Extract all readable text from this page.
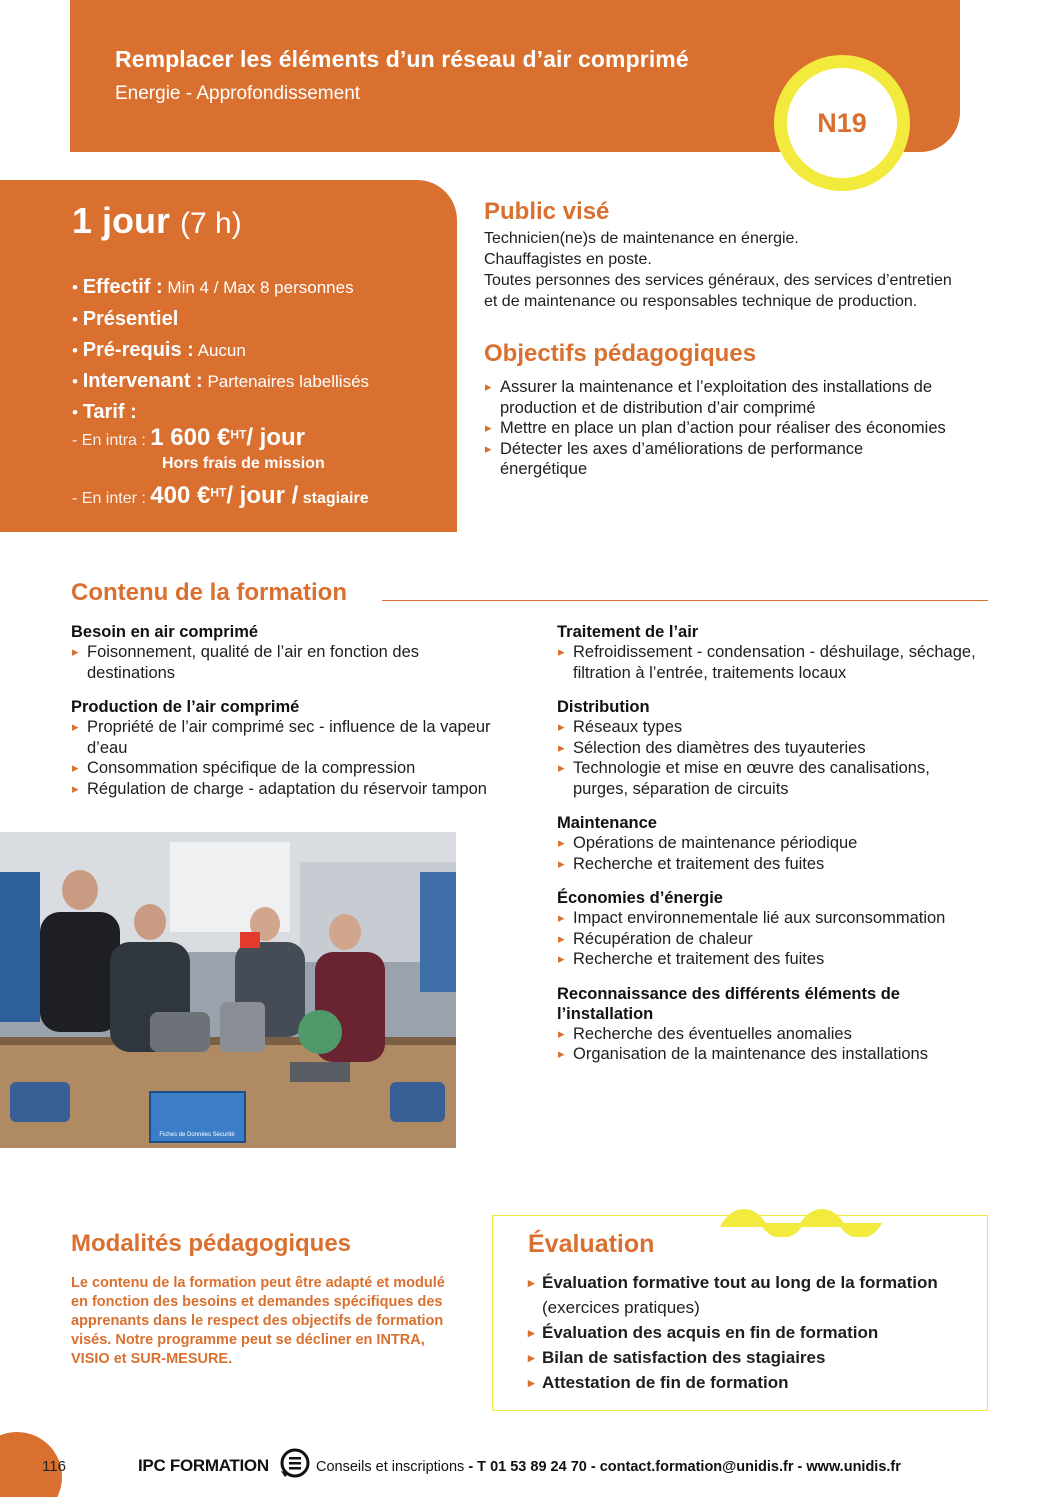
Remplacer les éléments d’un réseau d’air comprimé
Energie - Approfondissement
N19
1 jour (7 h)
• Effectif : Min 4 / Max 8 personnes
• Présentiel
• Pré-requis : Aucun
• Intervenant : Partenaires labellisés
• Tarif :
- En intra : 1 600 €$^{HT}$/ jour
Hors frais de mission
- En inter : 400 €$^{HT}$/ jour / stagiaire
Public visé
Technicien(ne)s de maintenance en énergie.
Chauffagistes en poste.
Toutes personnes des services généraux, des services d’entretien
et de maintenance ou responsables technique de production.
Objectifs pédagogiques
▸ Assurer la maintenance et l’exploitation des installations de production et de distribution d’air comprimé
▸ Mettre en place un plan d’action pour réaliser des économies
▸ Détecter les axes d’améliorations de performance énergétique
Contenu de la formation
Besoin en air comprimé
▸ Foisonnement, qualité de l’air en fonction des destinations
Production de l’air comprimé
▸ Propriété de l’air comprimé sec - influence de la vapeur d’eau
▸ Consommation spécifique de la compression
▸ Régulation de charge - adaptation du réservoir tampon
Traitement de l’air
▸ Refroidissement - condensation - déshuilage, séchage, filtration à l’entrée, traitements locaux
Distribution
▸ Réseaux types
▸ Sélection des diamètres des tuyauteries
▸ Technologie et mise en œuvre des canalisations, purges, séparation de circuits
Maintenance
▸ Opérations de maintenance périodique
▸ Recherche et traitement des fuites
Économies d’énergie
▸ Impact environnementale lié aux surconsommation
▸ Récupération de chaleur
▸ Recherche et traitement des fuites
Reconnaissance des différents éléments de l’installation
▸ Recherche des éventuelles anomalies
▸ Organisation de la maintenance des installations
Fiches de Données Sécurité
Modalités pédagogiques
Le contenu de la formation peut être adapté et modulé en fonction des besoins et demandes spécifiques des apprenants dans le respect des objectifs de formation visés. Notre programme peut se décliner en INTRA, VISIO et SUR-MESURE.
Évaluation
▸ Évaluation formative tout au long de la formation
(exercices pratiques)
▸ Évaluation des acquis en fin de formation
▸ Bilan de satisfaction des stagiaires
▸ Attestation de fin de formation
116	IPC FORMATION	Conseils et inscriptions - T 01 53 89 24 70 - contact.formation@unidis.fr - www.unidis.fr
